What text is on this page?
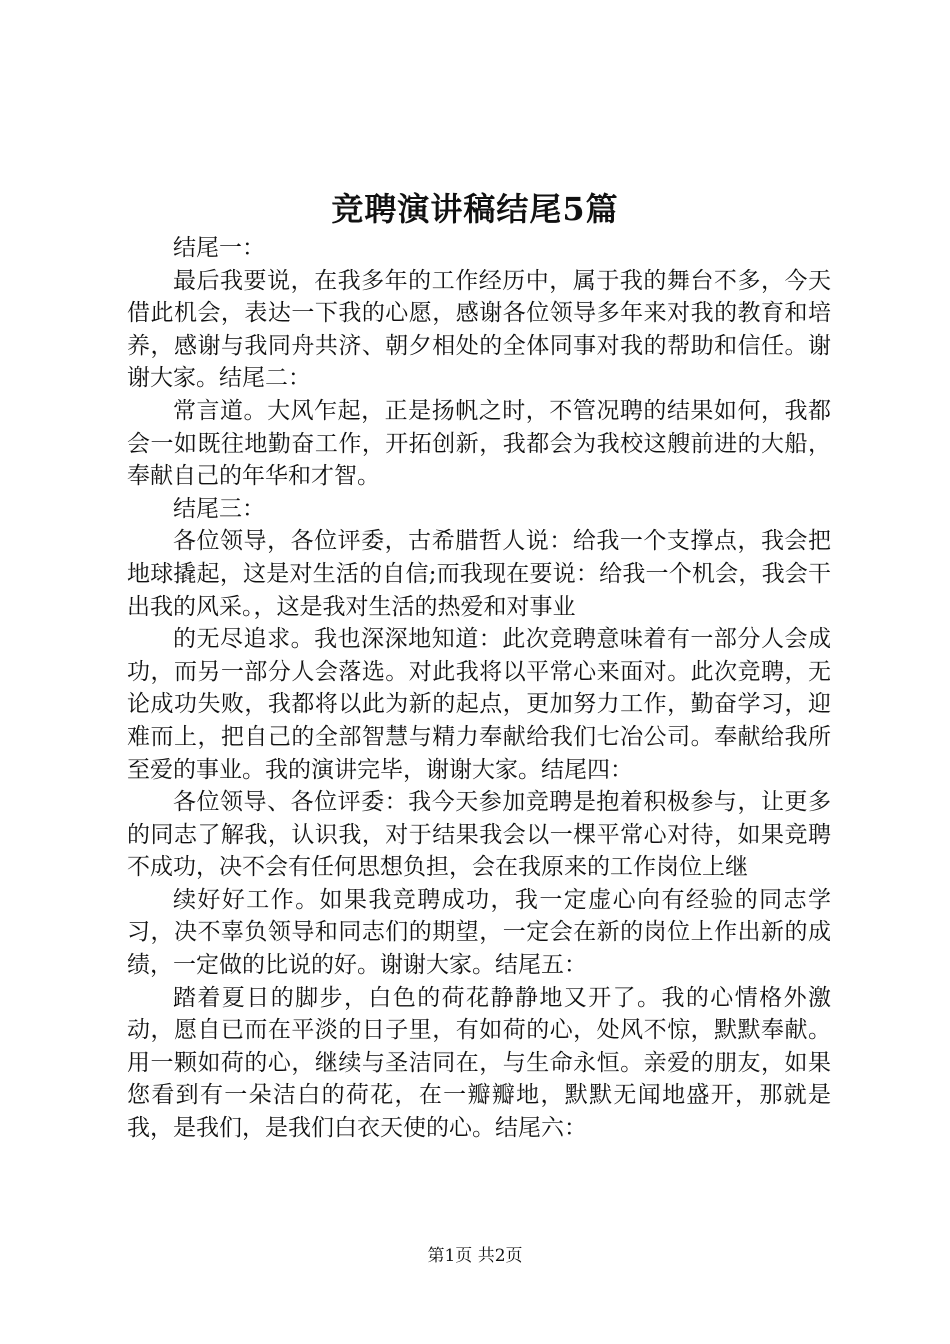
竞聘演讲稿结尾5篇

结尾一：

最后我要说，在我多年的工作经历中，属于我的舞台不多，今天借此机会，表达一下我的心愿，感谢各位领导多年来对我的教育和培养，感谢与我同舟共济、朝夕相处的全体同事对我的帮助和信任。谢谢大家。结尾二：

常言道。大风乍起，正是扬帆之时，不管况聘的结果如何，我都会一如既往地勤奋工作，开拓创新，我都会为我校这艘前进的大船，奉献自己的年华和才智。

结尾三：

各位领导，各位评委，古希腊哲人说：给我一个支撑点，我会把地球撬起，这是对生活的自信;而我现在要说：给我一个机会，我会干出我的风采。，这是我对生活的热爱和对事业

的无尽追求。我也深深地知道：此次竞聘意味着有一部分人会成功，而另一部分人会落选。对此我将以平常心来面对。此次竞聘，无论成功失败，我都将以此为新的起点，更加努力工作，勤奋学习，迎难而上，把自己的全部智慧与精力奉献给我们七冶公司。奉献给我所至爱的事业。我的演讲完毕，谢谢大家。结尾四：

各位领导、各位评委：我今天参加竞聘是抱着积极参与，让更多的同志了解我，认识我，对于结果我会以一棵平常心对待，如果竞聘不成功，决不会有任何思想负担，会在我原来的工作岗位上继

续好好工作。如果我竞聘成功，我一定虚心向有经验的同志学习，决不辜负领导和同志们的期望，一定会在新的岗位上作出新的成绩，一定做的比说的好。谢谢大家。结尾五：

踏着夏日的脚步，白色的荷花静静地又开了。我的心情格外激动，愿自已而在平淡的日子里，有如荷的心，处风不惊，默默奉献。用一颗如荷的心，继续与圣洁同在，与生命永恒。亲爱的朋友，如果您看到有一朵洁白的荷花，在一瓣瓣地，默默无闻地盛开，那就是我，是我们，是我们白衣天使的心。结尾六：

第1页 共2页
